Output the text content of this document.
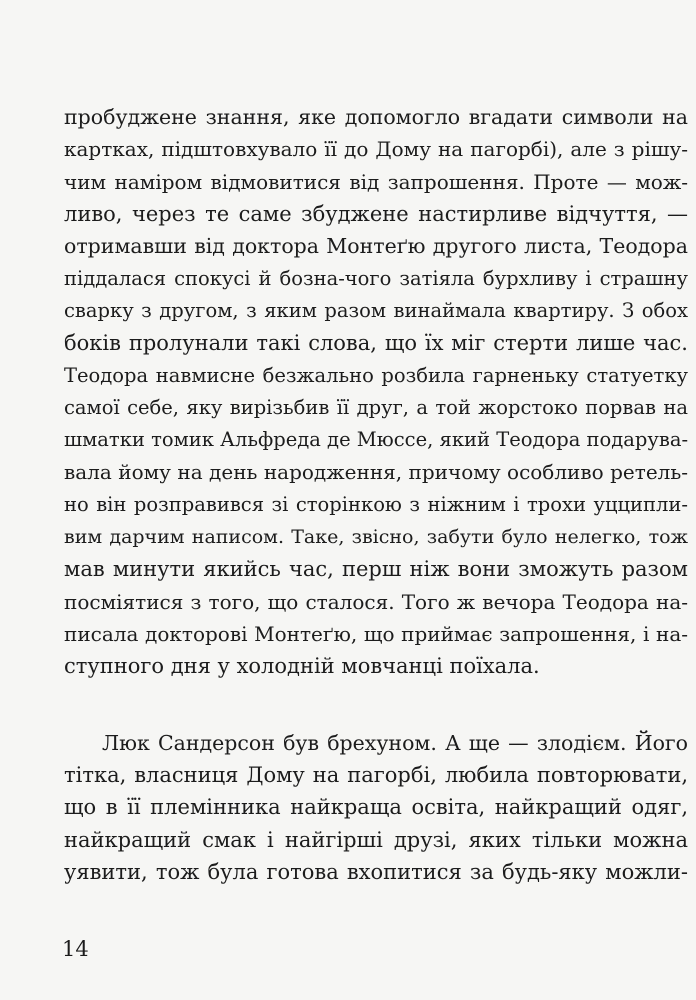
пробуджене знання, яке допомогло вгадати символи на
картках, підштовхувало її до Дому на пагорбі), але з рішу-
чим наміром відмовитися від запрошення. Проте — мож-
ливо, через те саме збуджене настирливе відчуття, —
отримавши від доктора Монтеґю другого листа, Теодора
піддалася спокусі й бозна-чого затіяла бурхливу і страшну
сварку з другом, з яким разом винаймала квартиру. З обох
боків пролунали такі слова, що їх міг стерти лише час.
Теодора навмисне безжально розбила гарненьку статуетку
самої себе, яку вирізьбив її друг, а той жорстоко порвав на
шматки томик Альфреда де Мюссе, який Теодора подарува-
вала йому на день народження, причому особливо ретель-
но він розправився зі сторінкою з ніжним і трохи уцципли-
вим дарчим написом. Таке, звісно, забути було нелегко, тож
мав минути якийсь час, перш ніж вони зможуть разом
посміятися з того, що сталося. Того ж вечора Теодора на-
писала докторові Монтеґю, що приймає запрошення, і на-
ступного дня у холодній мовчанці поїхала.
Люк Сандерсон був брехуном. А ще — злодієм. Його
тітка, власниця Дому на пагорбі, любила повторювати,
що в її племінника найкраща освіта, найкращий одяг,
найкращий смак і найгірші друзі, яких тільки можна
уявити, тож була готова вхопитися за будь-яку можли-
14
